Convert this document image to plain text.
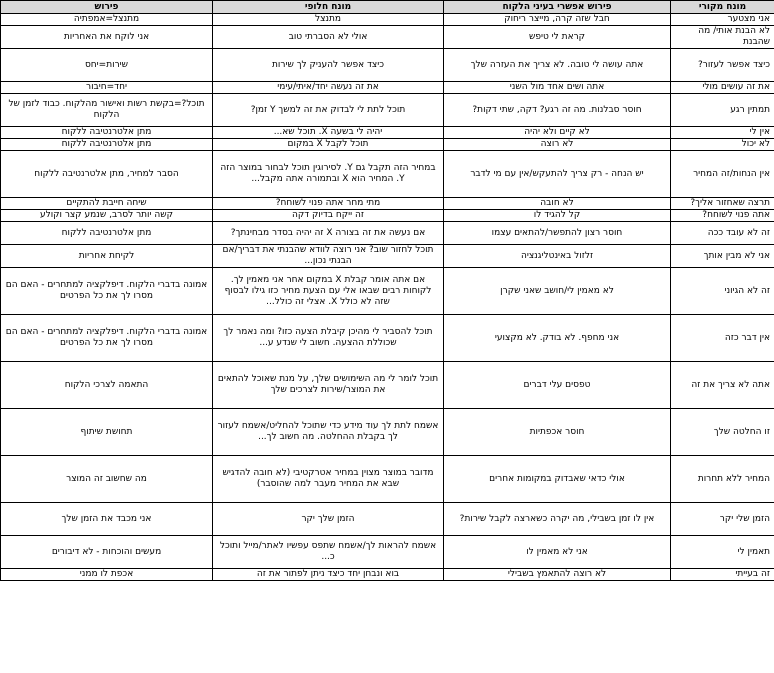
מונח מקורי	פירוש אפשרי בעיני הלקוח	מונח חלופי	פירוש
אני מצטער	חבל שזה קרה, מייצר ריחוק	מתנצל	מתנצל=אמפתיה
לא הבנת אותי/ מה שהבנת	קראת לי טיפש	אולי לא הסברתי טוב	אני לוקח את האחריות
כיצד אפשר לעזור?	אתה עושה לי טובה. לא צריך את העזרה שלך	כיצד אפשר להעניק לך שירות	שירות=יחס
את זה עושים מולי	אתה ושים אחד מול השני	את זה נעשה יחד/איתי/עימי	יחד=חיבור
תמתין רגע	חוסר סבלנות. מה זה רגע? דקה, שתי דקות?	תוכל לתת לי לבדוק את זה למשך Y זמן?	תוכל?=בקשת רשות ואישור מהלקוח. כבוד לזמן של הלקוח
אין לי	לא קיים ולא יהיה	יהיה לי בשעה X. תוכל שא...	מתן אלטרנטיבה ללקוח
לא יכול	לא רוצה	תוכל לקבל X במקום	מתן אלטרנטיבה ללקוח
אין הנחות/זה המחיר	יש הנחה - רק צריך להתעקש/אין עם מי לדבר	במחיר הזה תקבל גם Y. לסירוגין תוכל לבחור במוצר הזה Y. המחיר הוא X ובתמורה אתה מקבל...	הסבר למחיר, מתן אלטרנטיבה ללקוח
תרצה שאחזור אליך?	לא חובה	מתי מחר אתה פנוי לשוחח?	שיחה חייבת להתקיים
אתה פנוי לשוחח?	קל להגיד לו	זה ייקח בדיוק דקה	קשה יותר לסרב, שנמע קצר וקולע
זה לא עובד ככה	חוסר רצון להתפשר/להתאים עצמו	אם נעשה את זה בצורה X זה יהיה בסדר מבחינתך?	מתן אלטרנטיבה ללקוח
אני לא מבין אותך	זלזול באינטליגנציה	תוכל לחזור שוב? אני רוצה לוודא שהבנתי את דבריך/אם הבנתי נכון...	לקיחת אחריות
זה לא הגיוני	לא מאמין לי/חושב שאני שקרן	אם אתה אומר קבלת X במקום אחר אני מאמין לך. לקוחות רבים שבאו אלי עם הצעת מחיר כזו גילו לבסוף שזה לא כולל X. אצלי זה כולל...	אמונה בדברי הלקוח. דיפלקציה למתחרים - האם הם מסרו לך את כל הפרטים
אין דבר כזה	אני מחפף. לא בודק. לא מקצועי	תוכל להסביר לי מהיכן קיבלת הצעה כזו? ומה נאמר לך שכוללת ההצעה. חשוב לי שנדע ע...	אמונה בדברי הלקוח. דיפלקציה למתחרים - האם הם מסרו לך את כל הפרטים
אתה לא צריך את זה	טפסים עלי דברים	תוכל לומר לי מה השימושים שלך, על מנת שאוכל להתאים את המוצר/שירות לצרכים שלך	התאמה לצרכי הלקוח
זו החלטה שלך	חוסר אכפתיות	אשמח לתת לך עוד מידע כדי שתוכל להחליט/אשמח לעזור לך בקבלת ההחלטה. מה חשוב לך...	תחושת שיתוף
המחיר ללא תחרות	אולי כדאי שאבדוק במקומות אחרים	מדובר במוצר מצוין במחיר אטרקטיבי (לא חובה להדגיש שבא את המחיר מעבר למה שהוסבר)	מה שחשוב זה המוצר
הזמן שלי יקר	אין לו זמן בשבילי, מה יקרה כשארצה לקבל שירות?	הזמן שלך יקר	אני מכבד את הזמן שלך
תאמין לי	אני לא מאמין לו	אשמח להראות לך/אשמח שתפס עפשיו לאתר/מייל ותוכל כ...	מעשים והוכחות - לא דיבורים
זה בעייתי	לא רוצה להתאמץ בשבילי	בוא ונבחן יחד כיצד ניתן לפתור את זה	אכפת לו ממני
